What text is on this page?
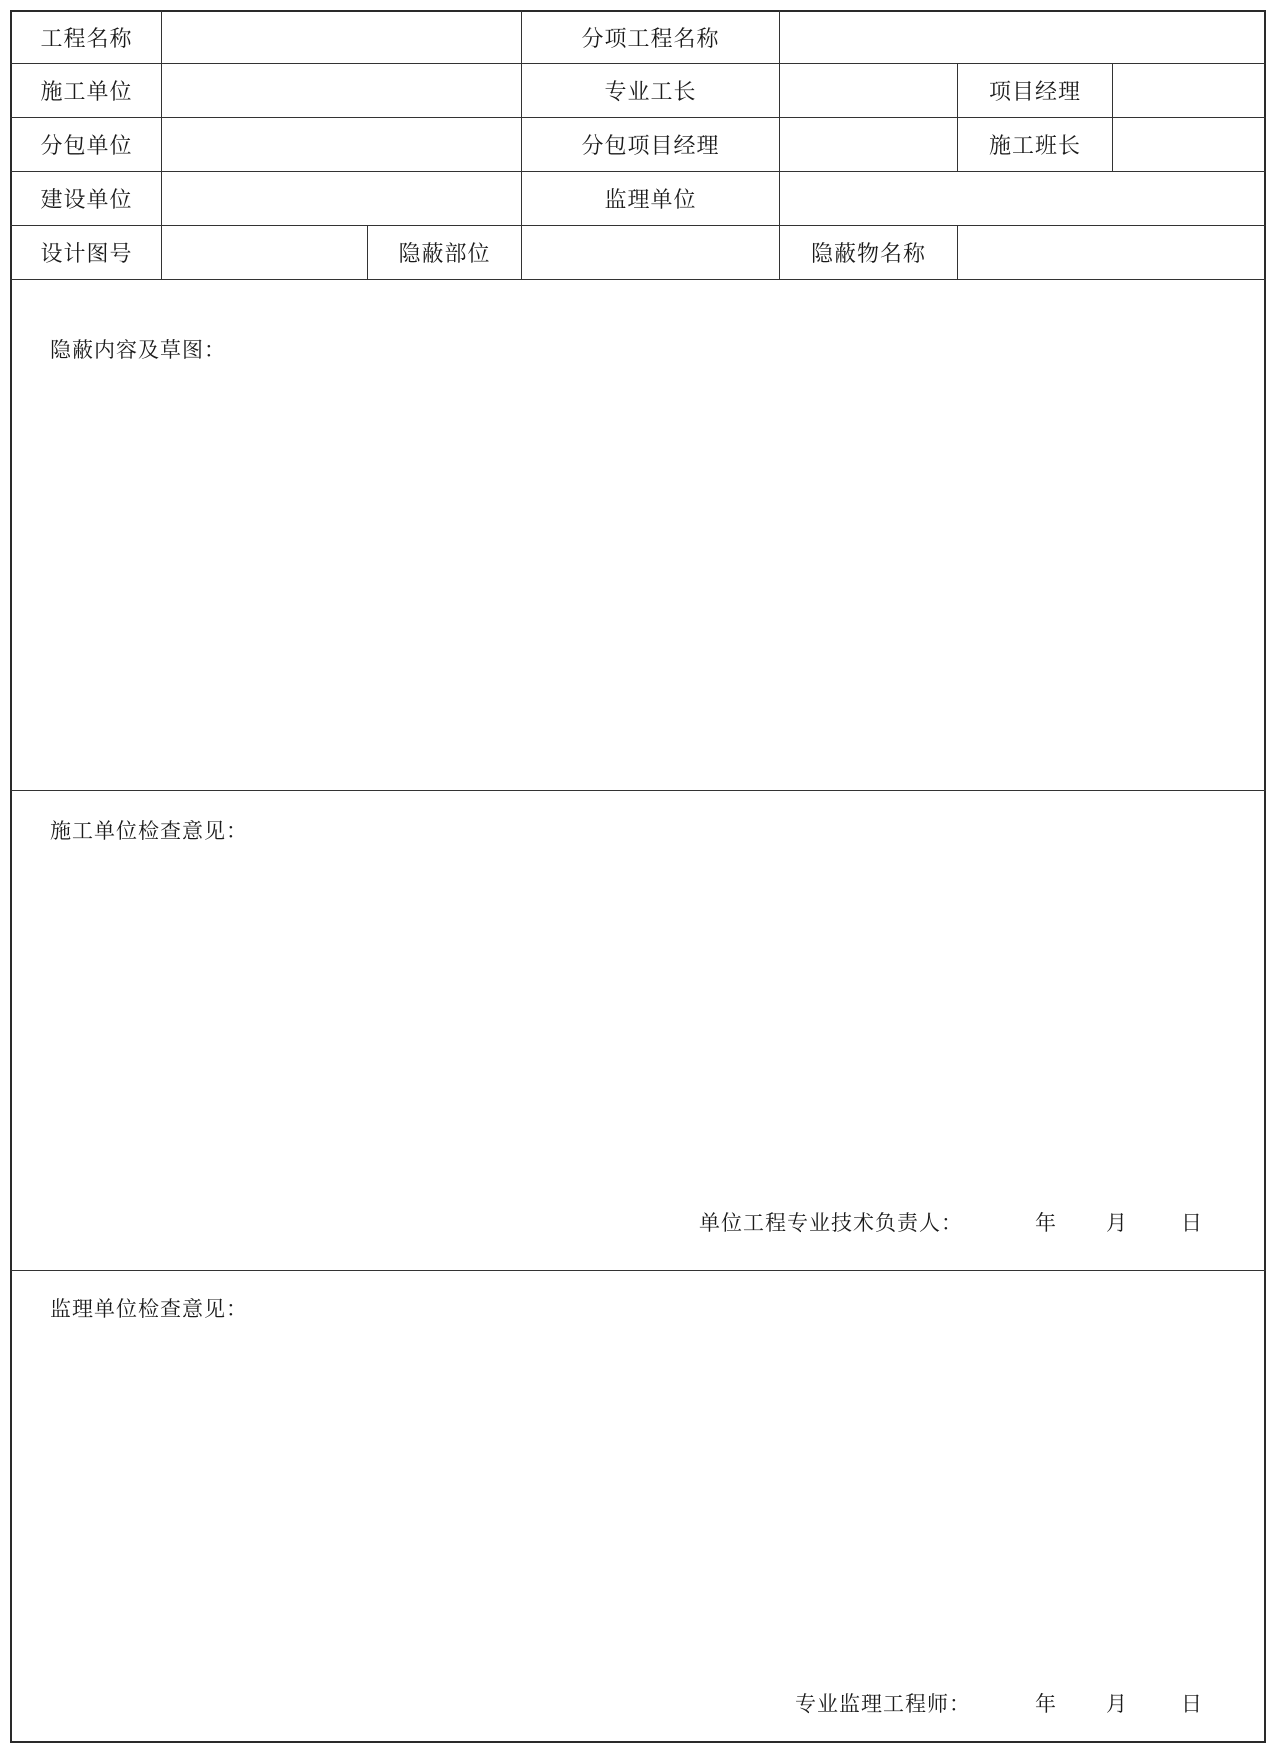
工程名称	分项工程名称
施工单位	专业工长	项目经理
分包单位	分包项目经理	施工班长
建设单位	监理单位
设计图号	隐蔽部位	隐蔽物名称
隐蔽内容及草图：
施工单位检查意见：
单位工程专业技术负责人：	年 月	日
监理单位检查意见：
专业监理工程师：	年 月	日
